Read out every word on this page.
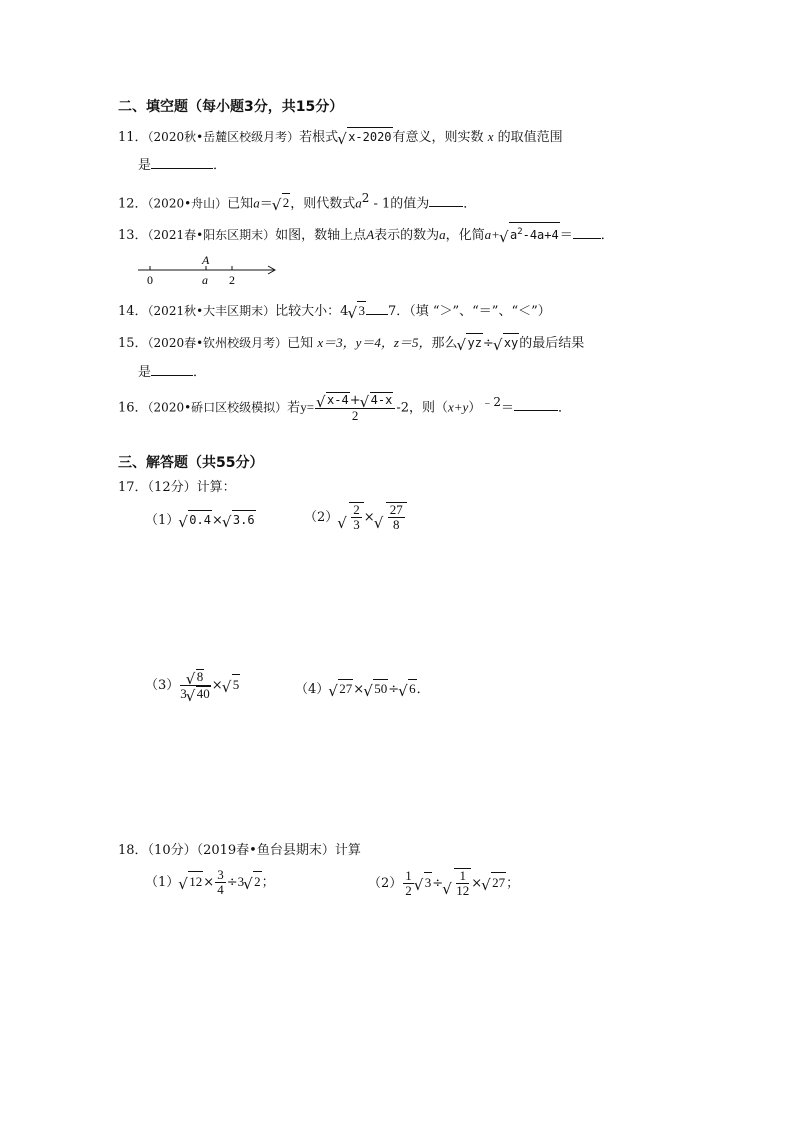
二、填空题（每小题3分，共15分）
11．（2020秋•岳麓区校级月考）若根式√ x-2020有意义，则实数 x 的取值范围
是	．
12．（2020•舟山）已知a＝√ 2，则代数式$a^2 - 1$的值为	．
13．（2021春•阳东区期末）如图，数轴上点A表示的数为a，化简a+√ $a^2-4a+4=$ ．
A
0	a 2
14．（2021秋•大丰区期末）比较大小：4√ 3 7．（填 “＞”、“＝”、“＜”）
15．（2020春•钦州校级月考）已知 x＝3，y＝4，z＝5，那么√ yz÷√ xy的最后结果
是	．
16．（2020•硚口区校级模拟）若y=
√ $\frac{x-4+√ 4-x}{2} -2$，则$(x+y)^{﹣2}=$	．
三、解答题（共55分）
17．（12分）计算：
（1）√ 0.4×√ 3.6	（2）
√ $\frac{2}{3}$ ×
√ $\frac{27}{8}$
（3）
√ $\frac{8}{3√ 40}$ ×√ 5	（4）√ 27×√ 50÷√ 6．
18．（10分）（2019春•鱼台县期末）计算
（1）√ $12\times \frac{3}{4} \div 3√$ 2；	$(2) \frac{1}{2}$
√ 3÷
√ $\frac{1}{12}$ ×√ 27；
